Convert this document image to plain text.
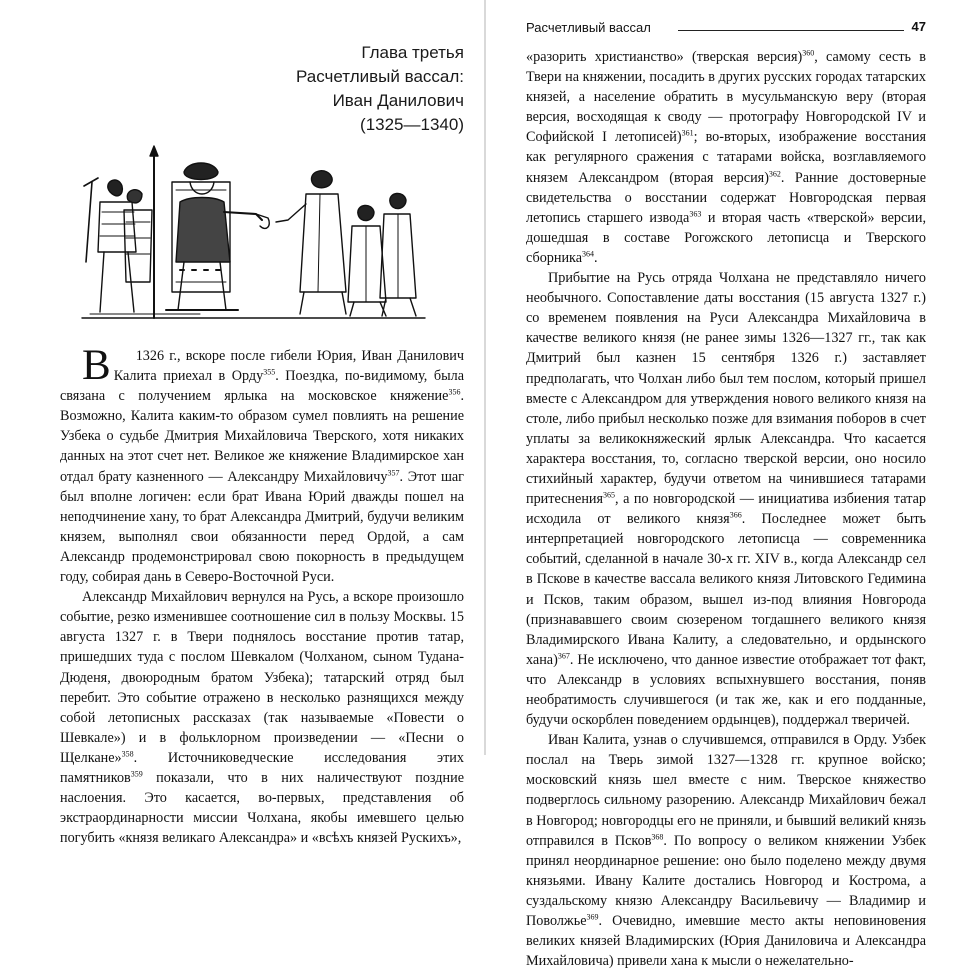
Глава третья
Расчетливый вассал:
Иван Данилович
(1325—1340)

В 1326 г., вскоре после гибели Юрия, Иван Данилович Калита приехал в Орду$^{355}$. Поездка, по-видимому, была связана с получением ярлыка на московское княжение$^{356}$. Возможно, Калита каким-то образом сумел повлиять на решение Узбека о судьбе Дмитрия Михайловича Тверского, хотя никаких данных на этот счет нет. Великое же княжение Владимирское хан отдал брату казненного — Александру Михайловичу$^{357}$. Этот шаг был вполне логичен: если брат Ивана Юрий дважды пошел на неподчинение хану, то брат Александра Дмитрий, будучи великим князем, выполнял свои обязанности перед Ордой, а сам Александр продемонстрировал свою покорность в предыдущем году, собирая дань в Северо-Восточной Руси.

Александр Михайлович вернулся на Русь, а вскоре произошло событие, резко изменившее соотношение сил в пользу Москвы. 15 августа 1327 г. в Твери поднялось восстание против татар, пришедших туда с послом Шевкалом (Чолханом, сыном Тудана-Дюденя, двоюродным братом Узбека); татарский отряд был перебит. Это событие отражено в несколько разнящихся между собой летописных рассказах (так называемые «Повести о Шевкале») и в фольклорном произведении — «Песни о Щелкане»$^{358}$. Источниковедческие исследования этих памятников$^{359}$ показали, что в них наличествуют поздние наслоения. Это касается, во-первых, представления об экстраординарности миссии Чолхана, якобы имевшего целью погубить «князя великаго Александра» и «всѣхъ князей Рускихъ»,

Расчетливый вассал	47

«разорить христианство» (тверская версия)$^{360}$, самому сесть в Твери на княжении, посадить в других русских городах татарских князей, а население обратить в мусульманскую веру (вторая версия, восходящая к своду — протографу Новгородской IV и Софийской I летописей)$^{361}$; во-вторых, изображение восстания как регулярного сражения с татарами войска, возглавляемого князем Александром (вторая версия)$^{362}$. Ранние достоверные свидетельства о восстании содержат Новгородская первая летопись старшего извода$^{363}$ и вторая часть «тверской» версии, дошедшая в составе Рогожского летописца и Тверского сборника$^{364}$.

Прибытие на Русь отряда Чолхана не представляло ничего необычного. Сопоставление даты восстания (15 августа 1327 г.) со временем появления на Руси Александра Михайловича в качестве великого князя (не ранее зимы 1326—1327 гг., так как Дмитрий был казнен 15 сентября 1326 г.) заставляет предполагать, что Чолхан либо был тем послом, который пришел вместе с Александром для утверждения нового великого князя на столе, либо прибыл несколько позже для взимания поборов в счет уплаты за великокняжеский ярлык Александра. Что касается характера восстания, то, согласно тверской версии, оно носило стихийный характер, будучи ответом на чинившиеся татарами притеснения$^{365}$, а по новгородской — инициатива избиения татар исходила от великого князя$^{366}$. Последнее может быть интерпретацией новгородского летописца — современника событий, сделанной в начале 30-х гг. XIV в., когда Александр сел в Пскове в качестве вассала великого князя Литовского Гедимина и Псков, таким образом, вышел из-под влияния Новгорода (признававшего своим сюзереном тогдашнего великого князя Владимирского Ивана Калиту, а следовательно, и ордынского хана)$^{367}$. Не исключено, что данное известие отображает тот факт, что Александр в условиях вспыхнувшего восстания, поняв необратимость случившегося (и так же, как и его подданные, будучи оскорблен поведением ордынцев), поддержал тверичей.

Иван Калита, узнав о случившемся, отправился в Орду. Узбек послал на Тверь зимой 1327—1328 гг. крупное войско; московский князь шел вместе с ним. Тверское княжество подверглось сильному разорению. Александр Михайлович бежал в Новгород; новгородцы его не приняли, и бывший великий князь отправился в Псков$^{368}$. По вопросу о великом княжении Узбек принял неординарное решение: оно было поделено между двумя князьями. Ивану Калите достались Новгород и Кострома, а суздальскому князю Александру Васильевичу — Владимир и Поволжье$^{369}$. Очевидно, имевшие место акты неповиновения великих князей Владимирских (Юрия Даниловича и Александра Михайловича) привели хана к мысли о нежелательно-
